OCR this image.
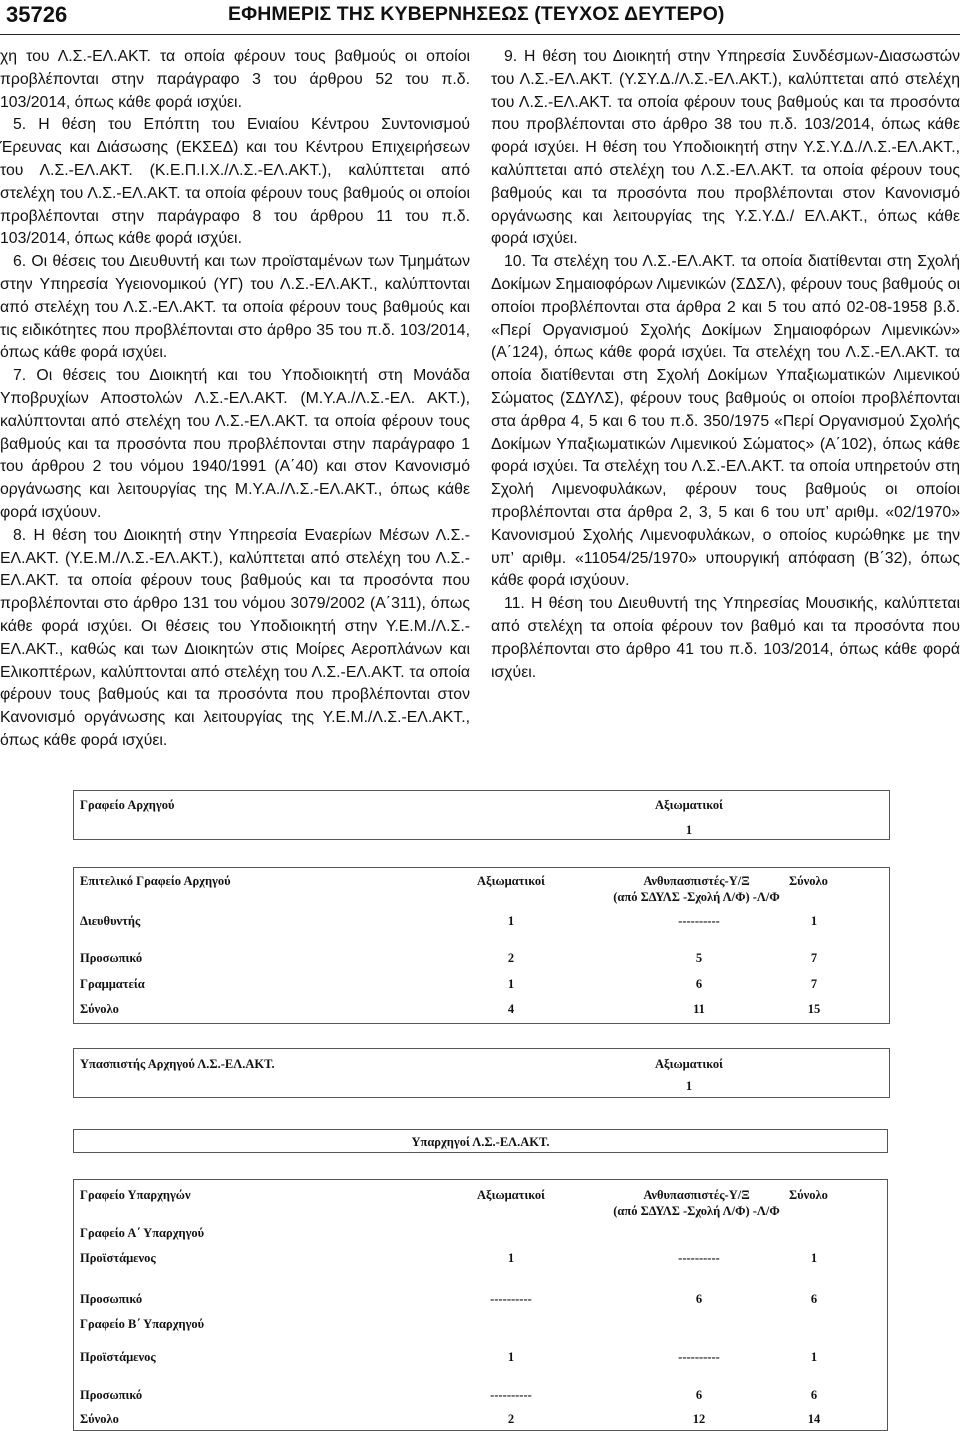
35726	ΕΦΗΜΕΡΙΣ ΤΗΣ ΚΥΒΕΡΝΗΣΕΩΣ (ΤΕΥΧΟΣ ΔΕΥΤΕΡΟ)

χη του Λ.Σ.-ΕΛ.ΑΚΤ. τα οποία φέρουν τους βαθμούς οι οποίοι προβλέπονται στην παράγραφο 3 του άρθρου 52 του π.δ. 103/2014, όπως κάθε φορά ισχύει.

5. Η θέση του Επόπτη του Ενιαίου Κέντρου Συντονισμού Έρευνας και Διάσωσης (ΕΚΣΕΔ) και του Κέντρου Επιχειρήσεων του Λ.Σ.-ΕΛ.ΑΚΤ. (Κ.Ε.Π.Ι.Χ./Λ.Σ.-ΕΛ.ΑΚΤ.), καλύπτεται από στελέχη του Λ.Σ.-ΕΛ.ΑΚΤ. τα οποία φέρουν τους βαθμούς οι οποίοι προβλέπονται στην παράγραφο 8 του άρθρου 11 του π.δ. 103/2014, όπως κάθε φορά ισχύει.

6. Οι θέσεις του Διευθυντή και των προϊσταμένων των Τμημάτων στην Υπηρεσία Υγειονομικού (ΥΓ) του Λ.Σ.-ΕΛ.ΑΚΤ., καλύπτονται από στελέχη του Λ.Σ.-ΕΛ.ΑΚΤ. τα οποία φέρουν τους βαθμούς και τις ειδικότητες που προβλέπονται στο άρθρο 35 του π.δ. 103/2014, όπως κάθε φορά ισχύει.

7. Οι θέσεις του Διοικητή και του Υποδιοικητή στη Μονάδα Υποβρυχίων Αποστολών Λ.Σ.-ΕΛ.ΑΚΤ. (Μ.Υ.Α./Λ.Σ.-ΕΛ. ΑΚΤ.), καλύπτονται από στελέχη του Λ.Σ.-ΕΛ.ΑΚΤ. τα οποία φέρουν τους βαθμούς και τα προσόντα που προβλέπονται στην παράγραφο 1 του άρθρου 2 του νόμου 1940/1991 (Α΄40) και στον Κανονισμό οργάνωσης και λειτουργίας της Μ.Υ.Α./Λ.Σ.-ΕΛ.ΑΚΤ., όπως κάθε φορά ισχύουν.

8. Η θέση του Διοικητή στην Υπηρεσία Εναερίων Μέσων Λ.Σ.-ΕΛ.ΑΚΤ. (Υ.Ε.Μ./Λ.Σ.-ΕΛ.ΑΚΤ.), καλύπτεται από στελέχη του Λ.Σ.-ΕΛ.ΑΚΤ. τα οποία φέρουν τους βαθμούς και τα προσόντα που προβλέπονται στο άρθρο 131 του νόμου 3079/2002 (Α΄311), όπως κάθε φορά ισχύει. Οι θέσεις του Υποδιοικητή στην Υ.Ε.Μ./Λ.Σ.-ΕΛ.ΑΚΤ., καθώς και των Διοικητών στις Μοίρες Αεροπλάνων και Ελικοπτέρων, καλύπτονται από στελέχη του Λ.Σ.-ΕΛ.ΑΚΤ. τα οποία φέρουν τους βαθμούς και τα προσόντα που προβλέπονται στον Κανονισμό οργάνωσης και λειτουργίας της Υ.Ε.Μ./Λ.Σ.-ΕΛ.ΑΚΤ., όπως κάθε φορά ισχύει.

9. Η θέση του Διοικητή στην Υπηρεσία Συνδέσμων-Διασωστών του Λ.Σ.-ΕΛ.ΑΚΤ. (Υ.ΣΥ.Δ./Λ.Σ.-ΕΛ.ΑΚΤ.), καλύπτεται από στελέχη του Λ.Σ.-ΕΛ.ΑΚΤ. τα οποία φέρουν τους βαθμούς και τα προσόντα που προβλέπονται στο άρθρο 38 του π.δ. 103/2014, όπως κάθε φορά ισχύει. Η θέση του Υποδιοικητή στην Υ.Σ.Υ.Δ./Λ.Σ.-ΕΛ.ΑΚΤ., καλύπτεται από στελέχη του Λ.Σ.-ΕΛ.ΑΚΤ. τα οποία φέρουν τους βαθμούς και τα προσόντα που προβλέπονται στον Κανονισμό οργάνωσης και λειτουργίας της Υ.Σ.Υ.Δ./ ΕΛ.ΑΚΤ., όπως κάθε φορά ισχύει.

10. Τα στελέχη του Λ.Σ.-ΕΛ.ΑΚΤ. τα οποία διατίθενται στη Σχολή Δοκίμων Σημαιοφόρων Λιμενικών (ΣΔΣΛ), φέρουν τους βαθμούς οι οποίοι προβλέπονται στα άρθρα 2 και 5 του από 02-08-1958 β.δ. «Περί Οργανισμού Σχολής Δοκίμων Σημαιοφόρων Λιμενικών» (Α΄124), όπως κάθε φορά ισχύει. Τα στελέχη του Λ.Σ.-ΕΛ.ΑΚΤ. τα οποία διατίθενται στη Σχολή Δοκίμων Υπαξιωματικών Λιμενικού Σώματος (ΣΔΥΛΣ), φέρουν τους βαθμούς οι οποίοι προβλέπονται στα άρθρα 4, 5 και 6 του π.δ. 350/1975 «Περί Οργανισμού Σχολής Δοκίμων Υπαξιωματικών Λιμενικού Σώματος» (Α΄102), όπως κάθε φορά ισχύει. Τα στελέχη του Λ.Σ.-ΕΛ.ΑΚΤ. τα οποία υπηρετούν στη Σχολή Λιμενοφυλάκων, φέρουν τους βαθμούς οι οποίοι προβλέπονται στα άρθρα 2, 3, 5 και 6 του υπ’ αριθμ. «02/1970» Κανονισμού Σχολής Λιμενοφυλάκων, ο οποίος κυρώθηκε με την υπ’ αριθμ. «11054/25/1970» υπουργική απόφαση (Β΄32), όπως κάθε φορά ισχύουν.

11. Η θέση του Διευθυντή της Υπηρεσίας Μουσικής, καλύπτεται από στελέχη τα οποία φέρουν τον βαθμό και τα προσόντα που προβλέπονται στο άρθρο 41 του π.δ. 103/2014, όπως κάθε φορά ισχύει.

Γραφείο Αρχηγού	Αξιωματικοί
1
Επιτελικό Γραφείο Αρχηγού	Αξιωματικοί	Ανθυπασπιστές-Υ/Ξ	Σύνολο
(από ΣΔΥΛΣ -Σχολή Λ/Φ) -Λ/Φ
Διευθυντής	1	----------	1
Προσωπικό	2	5	7
Γραμματεία	1	6	7
Σύνολο	4	11	15
Υπασπιστής Αρχηγού Λ.Σ.-ΕΛ.ΑΚΤ.	Αξιωματικοί
1
Υπαρχηγοί Λ.Σ.-ΕΛ.ΑΚΤ.
Γραφείο Υπαρχηγών	Αξιωματικοί	Ανθυπασπιστές-Υ/Ξ	Σύνολο
(από ΣΔΥΛΣ -Σχολή Λ/Φ) -Λ/Φ
Γραφείο Α΄ Υπαρχηγού
Προϊστάμενος	1	----------	1
Προσωπικό	----------	6	6
Γραφείο Β΄ Υπαρχηγού
Προϊστάμενος	1	----------	1
Προσωπικό	----------	6	6
Σύνολο	2	12	14
